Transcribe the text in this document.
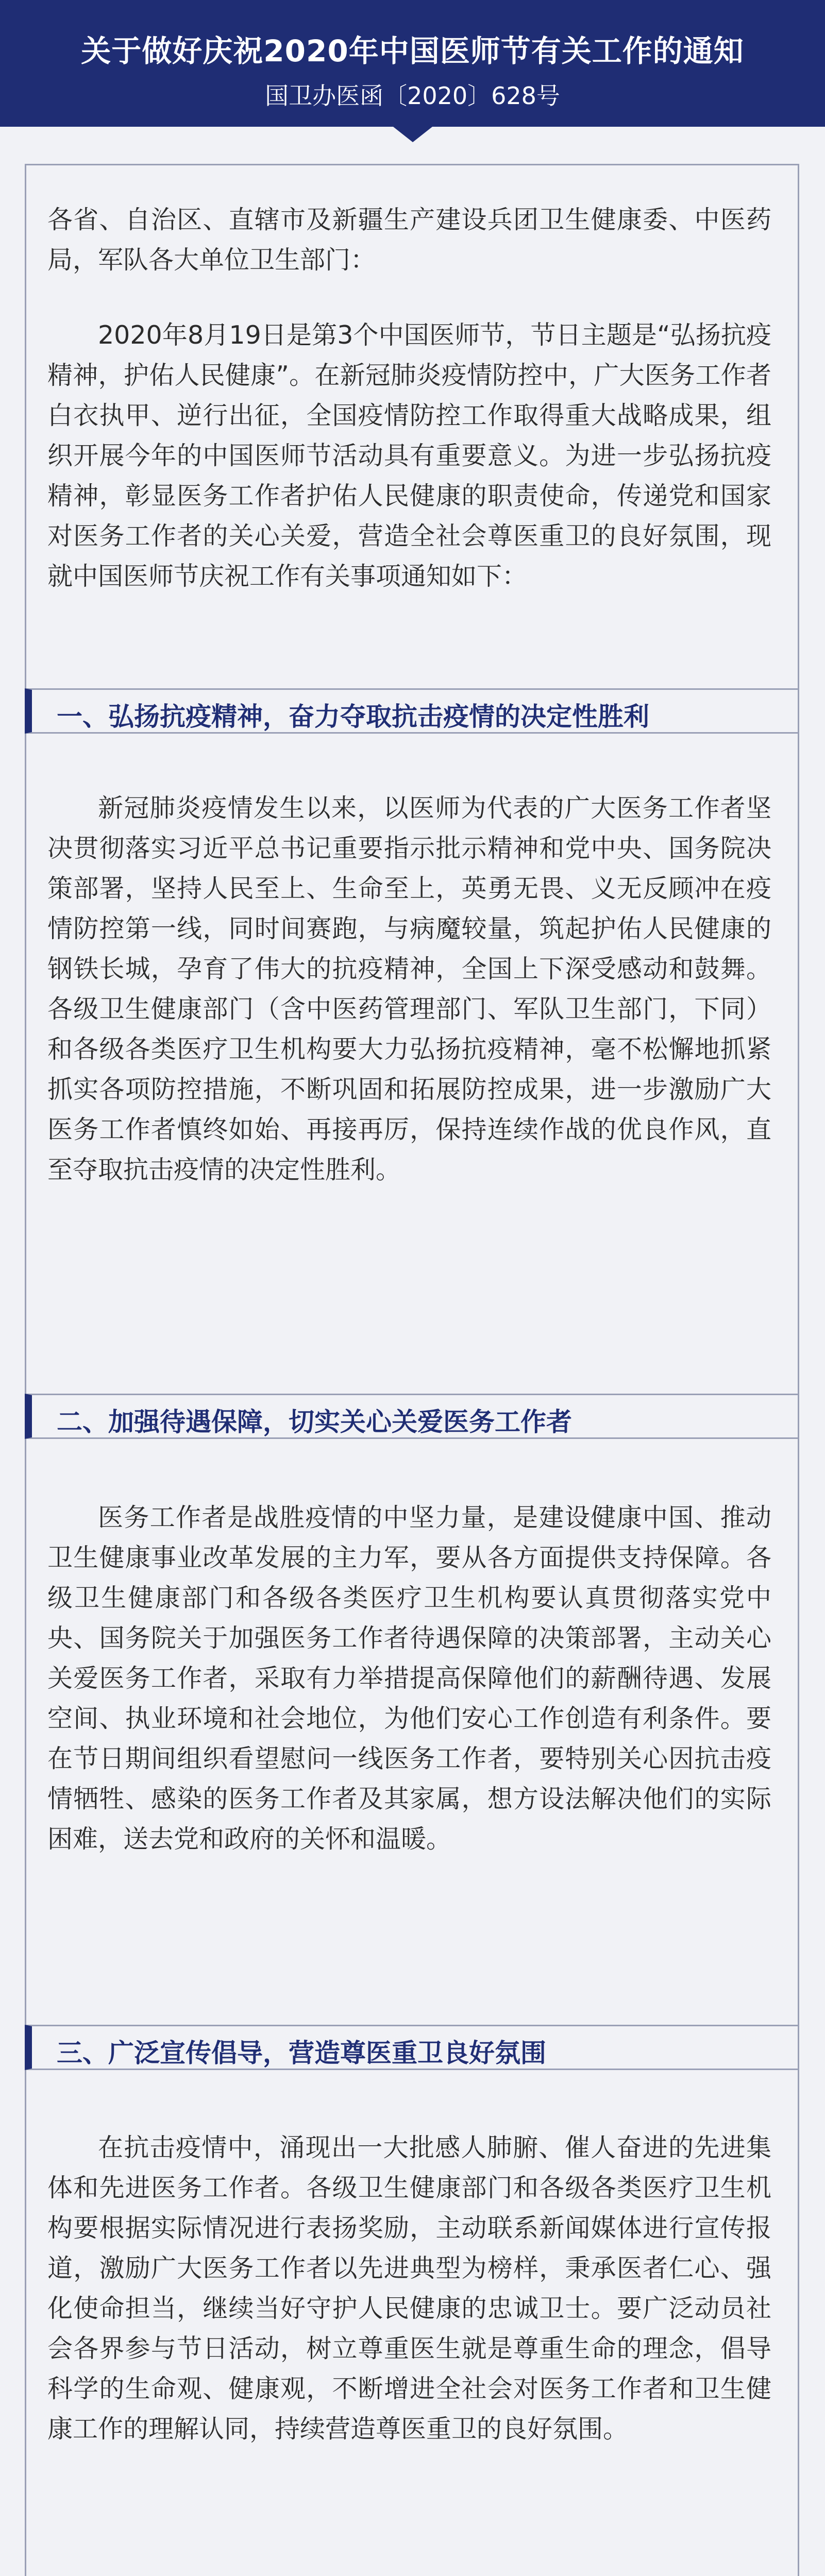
关于做好庆祝2020年中国医师节有关工作的通知
国卫办医函〔2020〕628号

各省、自治区、直辖市及新疆生产建设兵团卫生健康委、中医药局，军队各大单位卫生部门：

2020年8月19日是第3个中国医师节，节日主题是“弘扬抗疫精神，护佑人民健康”。在新冠肺炎疫情防控中，广大医务工作者白衣执甲、逆行出征，全国疫情防控工作取得重大战略成果，组织开展今年的中国医师节活动具有重要意义。为进一步弘扬抗疫精神，彰显医务工作者护佑人民健康的职责使命，传递党和国家对医务工作者的关心关爱，营造全社会尊医重卫的良好氛围，现就中国医师节庆祝工作有关事项通知如下：

一、弘扬抗疫精神，奋力夺取抗击疫情的决定性胜利

新冠肺炎疫情发生以来，以医师为代表的广大医务工作者坚决贯彻落实习近平总书记重要指示批示精神和党中央、国务院决策部署，坚持人民至上、生命至上，英勇无畏、义无反顾冲在疫情防控第一线，同时间赛跑，与病魔较量，筑起护佑人民健康的钢铁长城，孕育了伟大的抗疫精神，全国上下深受感动和鼓舞。各级卫生健康部门（含中医药管理部门、军队卫生部门，下同）和各级各类医疗卫生机构要大力弘扬抗疫精神，毫不松懈地抓紧抓实各项防控措施，不断巩固和拓展防控成果，进一步激励广大医务工作者慎终如始、再接再厉，保持连续作战的优良作风，直至夺取抗击疫情的决定性胜利。

二、加强待遇保障，切实关心关爱医务工作者

医务工作者是战胜疫情的中坚力量，是建设健康中国、推动卫生健康事业改革发展的主力军，要从各方面提供支持保障。各级卫生健康部门和各级各类医疗卫生机构要认真贯彻落实党中央、国务院关于加强医务工作者待遇保障的决策部署，主动关心关爱医务工作者，采取有力举措提高保障他们的薪酬待遇、发展空间、执业环境和社会地位，为他们安心工作创造有利条件。要在节日期间组织看望慰问一线医务工作者，要特别关心因抗击疫情牺牲、感染的医务工作者及其家属，想方设法解决他们的实际困难，送去党和政府的关怀和温暖。

三、广泛宣传倡导，营造尊医重卫良好氛围

在抗击疫情中，涌现出一大批感人肺腑、催人奋进的先进集体和先进医务工作者。各级卫生健康部门和各级各类医疗卫生机构要根据实际情况进行表扬奖励，主动联系新闻媒体进行宣传报道，激励广大医务工作者以先进典型为榜样，秉承医者仁心、强化使命担当，继续当好守护人民健康的忠诚卫士。要广泛动员社会各界参与节日活动，树立尊重医生就是尊重生命的理念，倡导科学的生命观、健康观，不断增进全社会对医务工作者和卫生健康工作的理解认同，持续营造尊医重卫的良好氛围。
